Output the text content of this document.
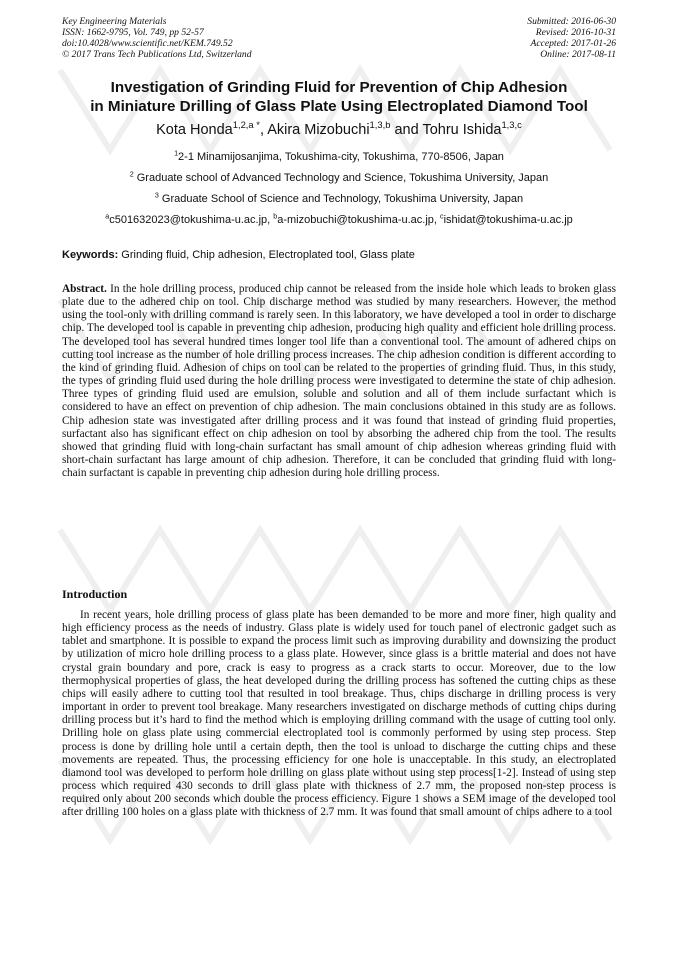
Key Engineering Materials
ISSN: 1662-9795, Vol. 749, pp 52-57
doi:10.4028/www.scientific.net/KEM.749.52
© 2017 Trans Tech Publications Ltd, Switzerland
Submitted: 2016-06-30
Revised: 2016-10-31
Accepted: 2017-01-26
Online: 2017-08-11
Investigation of Grinding Fluid for Prevention of Chip Adhesion
in Miniature Drilling of Glass Plate Using Electroplated Diamond Tool
Kota Honda$^{1,2,a *}$, Akira Mizobuchi$^{1,3,b}$ and Tohru Ishida$^{1,3,c}$
$^1$2-1 Minamijosanjima, Tokushima-city, Tokushima, 770-8506, Japan
$^2$ Graduate school of Advanced Technology and Science, Tokushima University, Japan
$^3$ Graduate School of Science and Technology, Tokushima University, Japan
$^a$c501632023@tokushima-u.ac.jp, $^b$a-mizobuchi@tokushima-u.ac.jp, $^c$ishidat@tokushima-u.ac.jp
Keywords: Grinding fluid, Chip adhesion, Electroplated tool, Glass plate
Abstract. In the hole drilling process, produced chip cannot be released from the inside hole which leads to broken glass plate due to the adhered chip on tool. Chip discharge method was studied by many researchers. However, the method using the tool-only with drilling command is rarely seen. In this laboratory, we have developed a tool in order to discharge chip. The developed tool is capable in preventing chip adhesion, producing high quality and efficient hole drilling process. The developed tool has several hundred times longer tool life than a conventional tool. The amount of adhered chips on cutting tool increase as the number of hole drilling process increases. The chip adhesion condition is different according to the kind of grinding fluid. Adhesion of chips on tool can be related to the properties of grinding fluid. Thus, in this study, the types of grinding fluid used during the hole drilling process were investigated to determine the state of chip adhesion. Three types of grinding fluid used are emulsion, soluble and solution and all of them include surfactant which is considered to have an effect on prevention of chip adhesion. The main conclusions obtained in this study are as follows. Chip adhesion state was investigated after drilling process and it was found that instead of grinding fluid properties, surfactant also has significant effect on chip adhesion on tool by absorbing the adhered chip from the tool. The results showed that grinding fluid with long-chain surfactant has small amount of chip adhesion whereas grinding fluid with short-chain surfactant has large amount of chip adhesion. Therefore, it can be concluded that grinding fluid with long-chain surfactant is capable in preventing chip adhesion during hole drilling process.
Introduction
In recent years, hole drilling process of glass plate has been demanded to be more and more finer, high quality and high efficiency process as the needs of industry. Glass plate is widely used for touch panel of electronic gadget such as tablet and smartphone. It is possible to expand the process limit such as improving durability and downsizing the product by utilization of micro hole drilling process to a glass plate. However, since glass is a brittle material and does not have crystal grain boundary and pore, crack is easy to progress as a crack starts to occur. Moreover, due to the low thermophysical properties of glass, the heat developed during the drilling process has softened the cutting chips as these chips will easily adhere to cutting tool that resulted in tool breakage. Thus, chips discharge in drilling process is very important in order to prevent tool breakage. Many researchers investigated on discharge methods of cutting chips during drilling process but it’s hard to find the method which is employing drilling command with the usage of cutting tool only. Drilling hole on glass plate using commercial electroplated tool is commonly performed by using step process. Step process is done by drilling hole until a certain depth, then the tool is unload to discharge the cutting chips and these movements are repeated. Thus, the processing efficiency for one hole is unacceptable. In this study, an electroplated diamond tool was developed to perform hole drilling on glass plate without using step process[1-2]. Instead of using step process which required 430 seconds to drill glass plate with thickness of 2.7 mm, the proposed non-step process is required only about 200 seconds which double the process efficiency. Figure 1 shows a SEM image of the developed tool after drilling 100 holes on a glass plate with thickness of 2.7 mm. It was found that small amount of chips adhere to a tool
